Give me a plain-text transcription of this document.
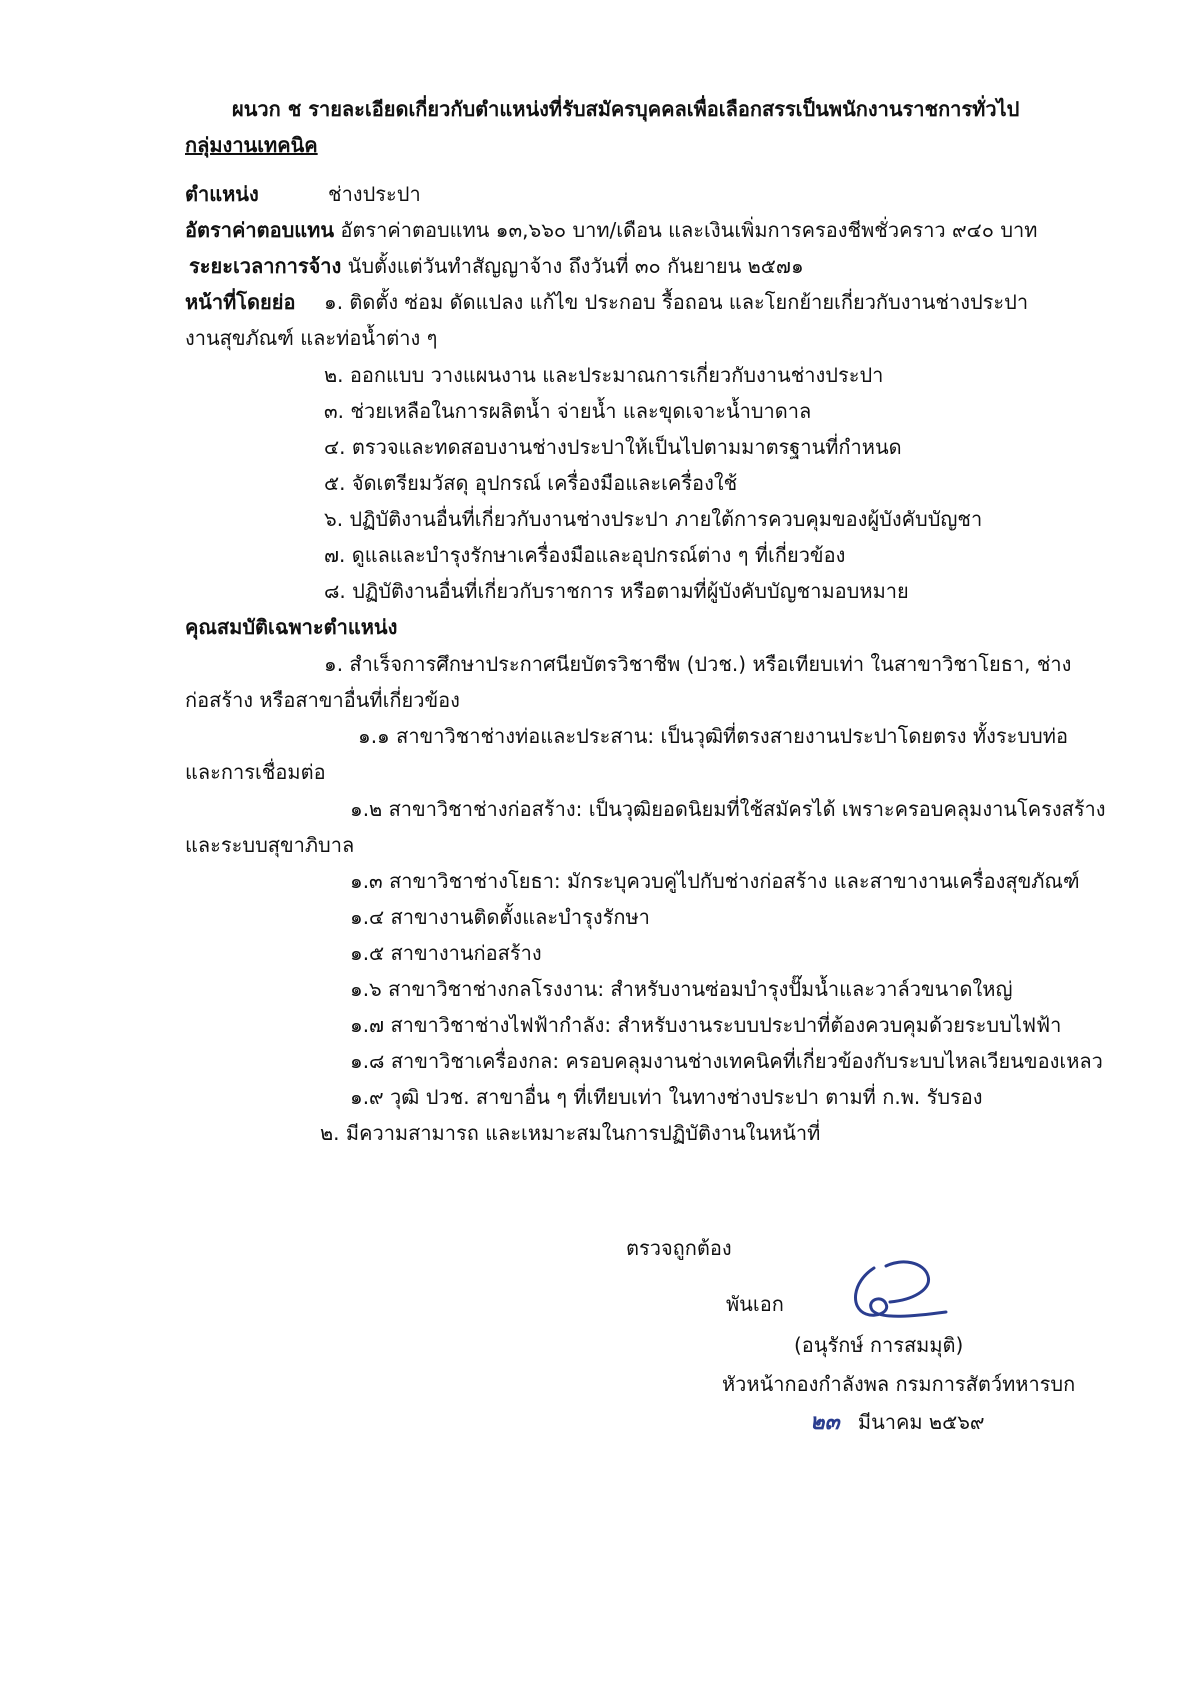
ผนวก ช รายละเอียดเกี่ยวกับตำแหน่งที่รับสมัครบุคคลเพื่อเลือกสรรเป็นพนักงานราชการทั่วไป
กลุ่มงานเทคนิค
ตำแหน่ง	ช่างประปา
อัตราค่าตอบแทน อัตราค่าตอบแทน ๑๓,๖๖๐ บาท/เดือน และเงินเพิ่มการครองชีพชั่วคราว ๙๔๐ บาท
ระยะเวลาการจ้าง นับตั้งแต่วันทำสัญญาจ้าง ถึงวันที่ ๓๐ กันยายน ๒๕๗๑
หน้าที่โดยย่อ ๑. ติดตั้ง ซ่อม ดัดแปลง แก้ไข ประกอบ รื้อถอน และโยกย้ายเกี่ยวกับงานช่างประปา
งานสุขภัณฑ์ และท่อน้ำต่าง ๆ
๒. ออกแบบ วางแผนงาน และประมาณการเกี่ยวกับงานช่างประปา
๓. ช่วยเหลือในการผลิตน้ำ จ่ายน้ำ และขุดเจาะน้ำบาดาล
๔. ตรวจและทดสอบงานช่างประปาให้เป็นไปตามมาตรฐานที่กำหนด
๕. จัดเตรียมวัสดุ อุปกรณ์ เครื่องมือและเครื่องใช้
๖. ปฏิบัติงานอื่นที่เกี่ยวกับงานช่างประปา ภายใต้การควบคุมของผู้บังคับบัญชา
๗. ดูแลและบำรุงรักษาเครื่องมือและอุปกรณ์ต่าง ๆ ที่เกี่ยวข้อง
๘. ปฏิบัติงานอื่นที่เกี่ยวกับราชการ หรือตามที่ผู้บังคับบัญชามอบหมาย
คุณสมบัติเฉพาะตำแหน่ง
๑. สำเร็จการศึกษาประกาศนียบัตรวิชาชีพ (ปวช.) หรือเทียบเท่า ในสาขาวิชาโยธา, ช่าง
ก่อสร้าง หรือสาขาอื่นที่เกี่ยวข้อง
๑.๑ สาขาวิชาช่างท่อและประสาน: เป็นวุฒิที่ตรงสายงานประปาโดยตรง ทั้งระบบท่อ
และการเชื่อมต่อ
๑.๒ สาขาวิชาช่างก่อสร้าง: เป็นวุฒิยอดนิยมที่ใช้สมัครได้ เพราะครอบคลุมงานโครงสร้าง
และระบบสุขาภิบาล
๑.๓ สาขาวิชาช่างโยธา: มักระบุควบคู่ไปกับช่างก่อสร้าง และสาขางานเครื่องสุขภัณฑ์
๑.๔ สาขางานติดตั้งและบำรุงรักษา
๑.๕ สาขางานก่อสร้าง
๑.๖ สาขาวิชาช่างกลโรงงาน: สำหรับงานซ่อมบำรุงปั๊มน้ำและวาล์วขนาดใหญ่
๑.๗ สาขาวิชาช่างไฟฟ้ากำลัง: สำหรับงานระบบประปาที่ต้องควบคุมด้วยระบบไฟฟ้า
๑.๘ สาขาวิชาเครื่องกล: ครอบคลุมงานช่างเทคนิคที่เกี่ยวข้องกับระบบไหลเวียนของเหลว
๑.๙ วุฒิ ปวช. สาขาอื่น ๆ ที่เทียบเท่า ในทางช่างประปา ตามที่ ก.พ. รับรอง
๒. มีความสามารถ และเหมาะสมในการปฏิบัติงานในหน้าที่
ตรวจถูกต้อง
พันเอก
(อนุรักษ์ การสมมุติ)
หัวหน้ากองกำลังพล กรมการสัตว์ทหารบก
๒๓ มีนาคม ๒๕๖๙
